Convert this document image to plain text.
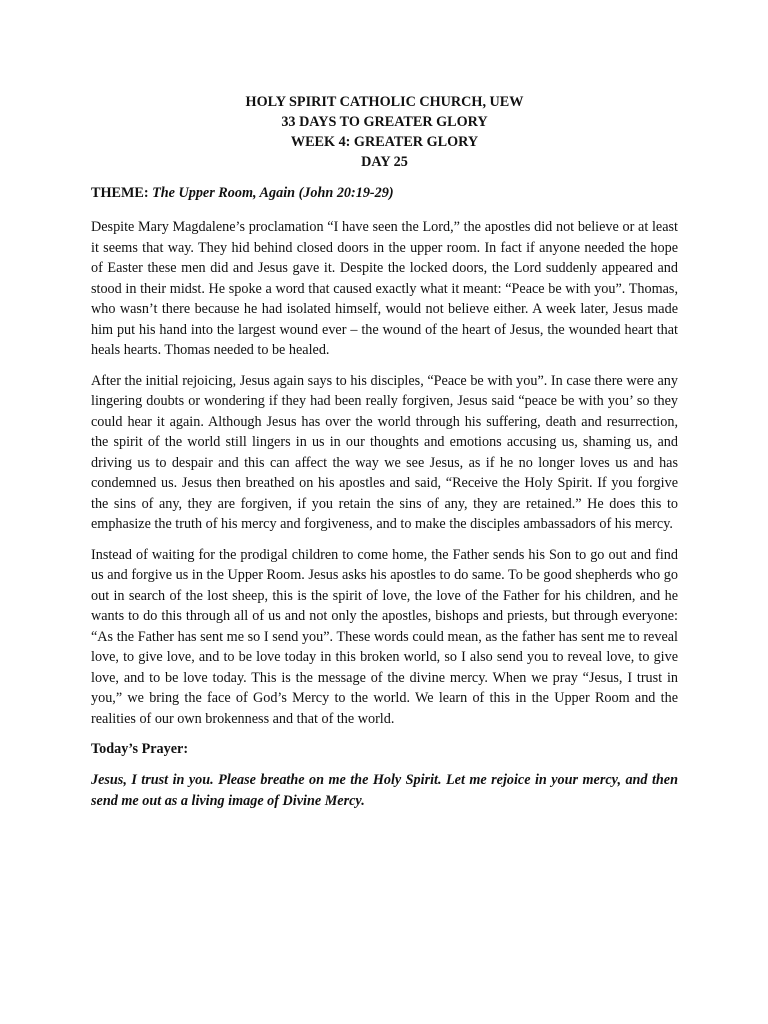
HOLY SPIRIT CATHOLIC CHURCH, UEW
33 DAYS TO GREATER GLORY
WEEK 4: GREATER GLORY
DAY 25
THEME: The Upper Room, Again (John 20:19-29)

Despite Mary Magdalene’s proclamation “I have seen the Lord,” the apostles did not believe or at least it seems that way. They hid behind closed doors in the upper room. In fact if anyone needed the hope of Easter these men did and Jesus gave it. Despite the locked doors, the Lord suddenly appeared and stood in their midst. He spoke a word that caused exactly what it meant: “Peace be with you”. Thomas, who wasn’t there because he had isolated himself, would not believe either. A week later, Jesus made him put his hand into the largest wound ever – the wound of the heart of Jesus, the wounded heart that heals hearts. Thomas needed to be healed.

After the initial rejoicing, Jesus again says to his disciples, “Peace be with you”. In case there were any lingering doubts or wondering if they had been really forgiven, Jesus said “peace be with you’ so they could hear it again. Although Jesus has over the world through his suffering, death and resurrection, the spirit of the world still lingers in us in our thoughts and emotions accusing us, shaming us, and driving us to despair and this can affect the way we see Jesus, as if he no longer loves us and has condemned us. Jesus then breathed on his apostles and said, “Receive the Holy Spirit. If you forgive the sins of any, they are forgiven, if you retain the sins of any, they are retained.” He does this to emphasize the truth of his mercy and forgiveness, and to make the disciples ambassadors of his mercy.

Instead of waiting for the prodigal children to come home, the Father sends his Son to go out and find us and forgive us in the Upper Room. Jesus asks his apostles to do same. To be good shepherds who go out in search of the lost sheep, this is the spirit of love, the love of the Father for his children, and he wants to do this through all of us and not only the apostles, bishops and priests, but through everyone: “As the Father has sent me so I send you”. These words could mean, as the father has sent me to reveal love, to give love, and to be love today in this broken world, so I also send you to reveal love, to give love, and to be love today. This is the message of the divine mercy. When we pray “Jesus, I trust in you,” we bring the face of God’s Mercy to the world. We learn of this in the Upper Room and the realities of our own brokenness and that of the world.

Today’s Prayer:

Jesus, I trust in you. Please breathe on me the Holy Spirit. Let me rejoice in your mercy, and then send me out as a living image of Divine Mercy.
